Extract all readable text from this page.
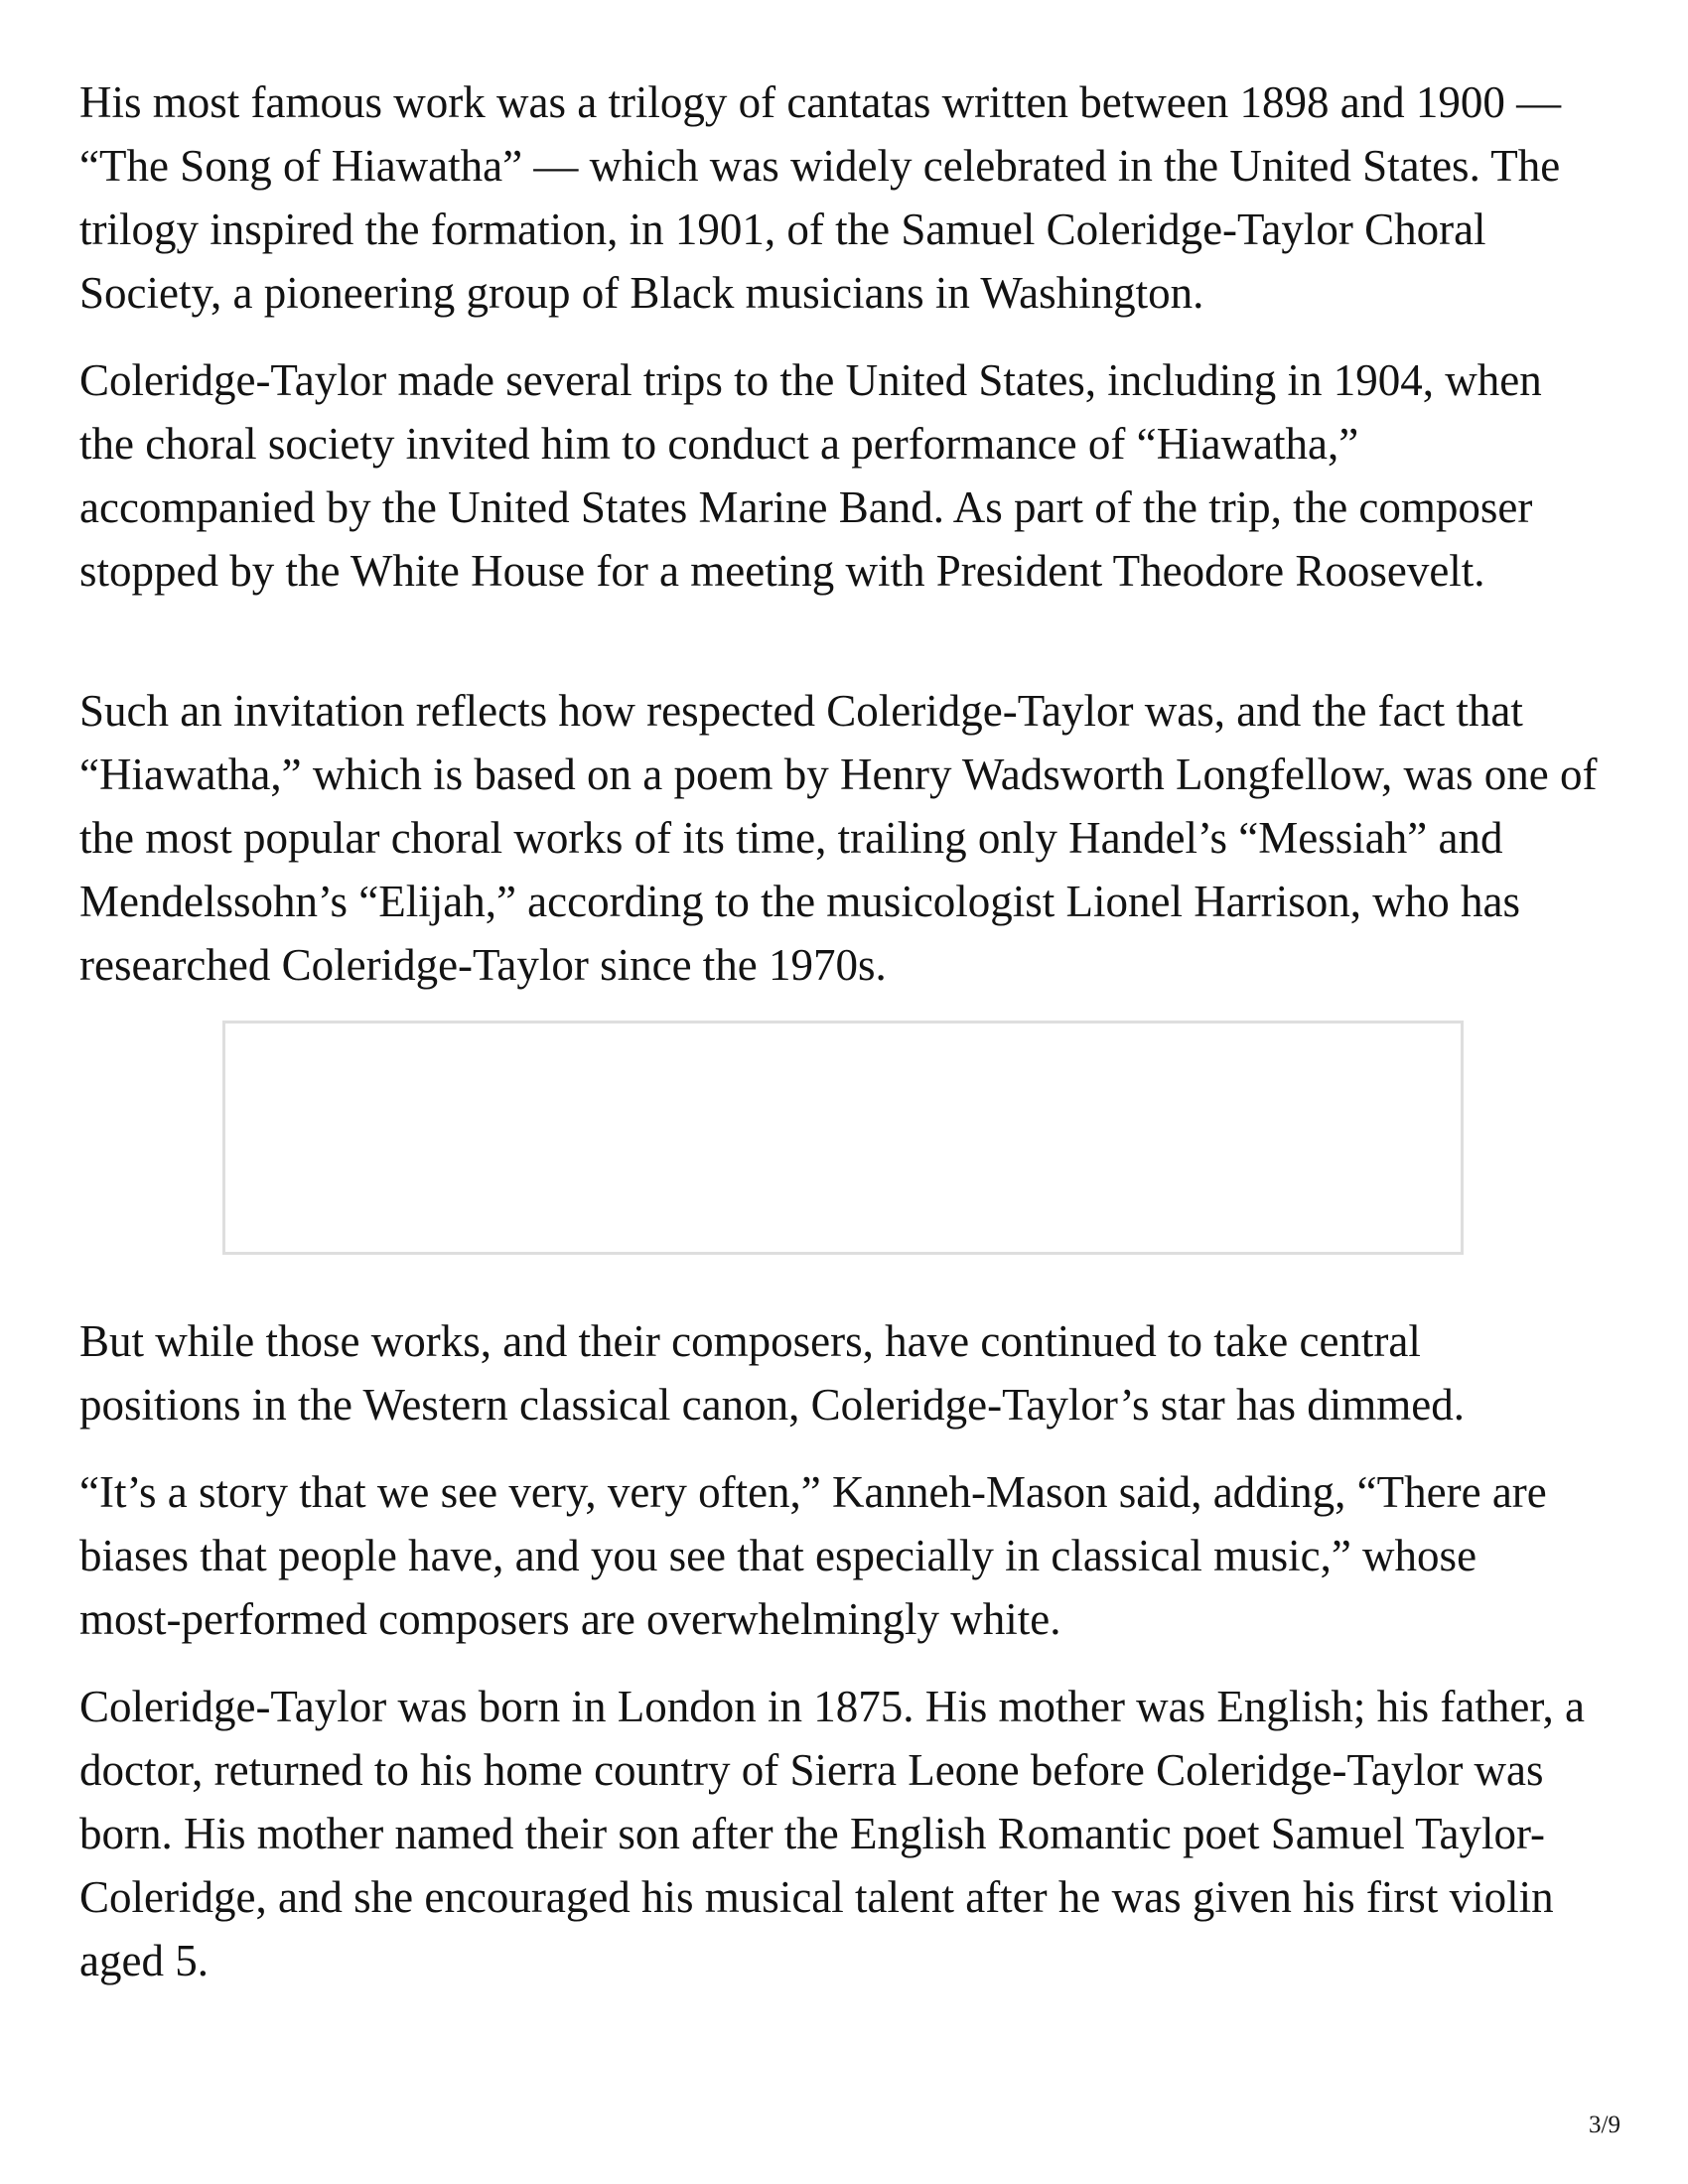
His most famous work was a trilogy of cantatas written between 1898 and 1900 —
“The Song of Hiawatha” — which was widely celebrated in the United States. The
trilogy inspired the formation, in 1901, of the Samuel Coleridge-Taylor Choral
Society, a pioneering group of Black musicians in Washington.

Coleridge-Taylor made several trips to the United States, including in 1904, when
the choral society invited him to conduct a performance of “Hiawatha,”
accompanied by the United States Marine Band. As part of the trip, the composer
stopped by the White House for a meeting with President Theodore Roosevelt.

Such an invitation reflects how respected Coleridge-Taylor was, and the fact that
“Hiawatha,” which is based on a poem by Henry Wadsworth Longfellow, was one of
the most popular choral works of its time, trailing only Handel’s “Messiah” and
Mendelssohn’s “Elijah,” according to the musicologist Lionel Harrison, who has
researched Coleridge-Taylor since the 1970s.

But while those works, and their composers, have continued to take central
positions in the Western classical canon, Coleridge-Taylor’s star has dimmed.

“It’s a story that we see very, very often,” Kanneh-Mason said, adding, “There are
biases that people have, and you see that especially in classical music,” whose
most-performed composers are overwhelmingly white.

Coleridge-Taylor was born in London in 1875. His mother was English; his father, a
doctor, returned to his home country of Sierra Leone before Coleridge-Taylor was
born. His mother named their son after the English Romantic poet Samuel Taylor-
Coleridge, and she encouraged his musical talent after he was given his first violin
aged 5.

3/9
